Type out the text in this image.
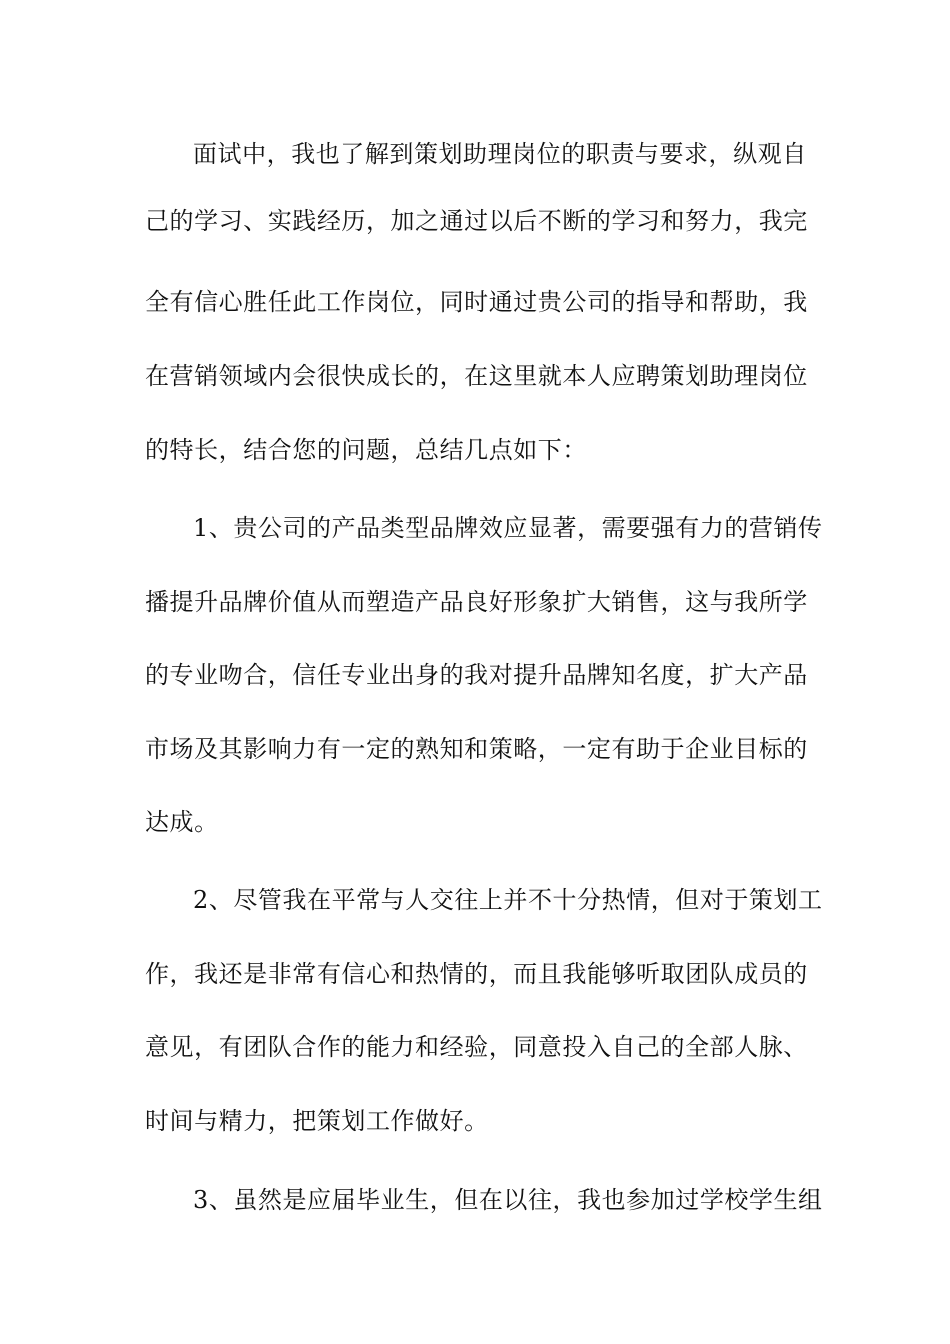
面试中，我也了解到策划助理岗位的职责与要求，纵观自
己的学习、实践经历，加之通过以后不断的学习和努力，我完
全有信心胜任此工作岗位，同时通过贵公司的指导和帮助，我
在营销领域内会很快成长的，在这里就本人应聘策划助理岗位
的特长，结合您的问题，总结几点如下：
1、贵公司的产品类型品牌效应显著，需要强有力的营销传
播提升品牌价值从而塑造产品良好形象扩大销售，这与我所学
的专业吻合，信任专业出身的我对提升品牌知名度，扩大产品
市场及其影响力有一定的熟知和策略，一定有助于企业目标的
达成。
2、尽管我在平常与人交往上并不十分热情，但对于策划工
作，我还是非常有信心和热情的，而且我能够听取团队成员的
意见，有团队合作的能力和经验，同意投入自己的全部人脉、
时间与精力，把策划工作做好。
3、虽然是应届毕业生，但在以往，我也参加过学校学生组
